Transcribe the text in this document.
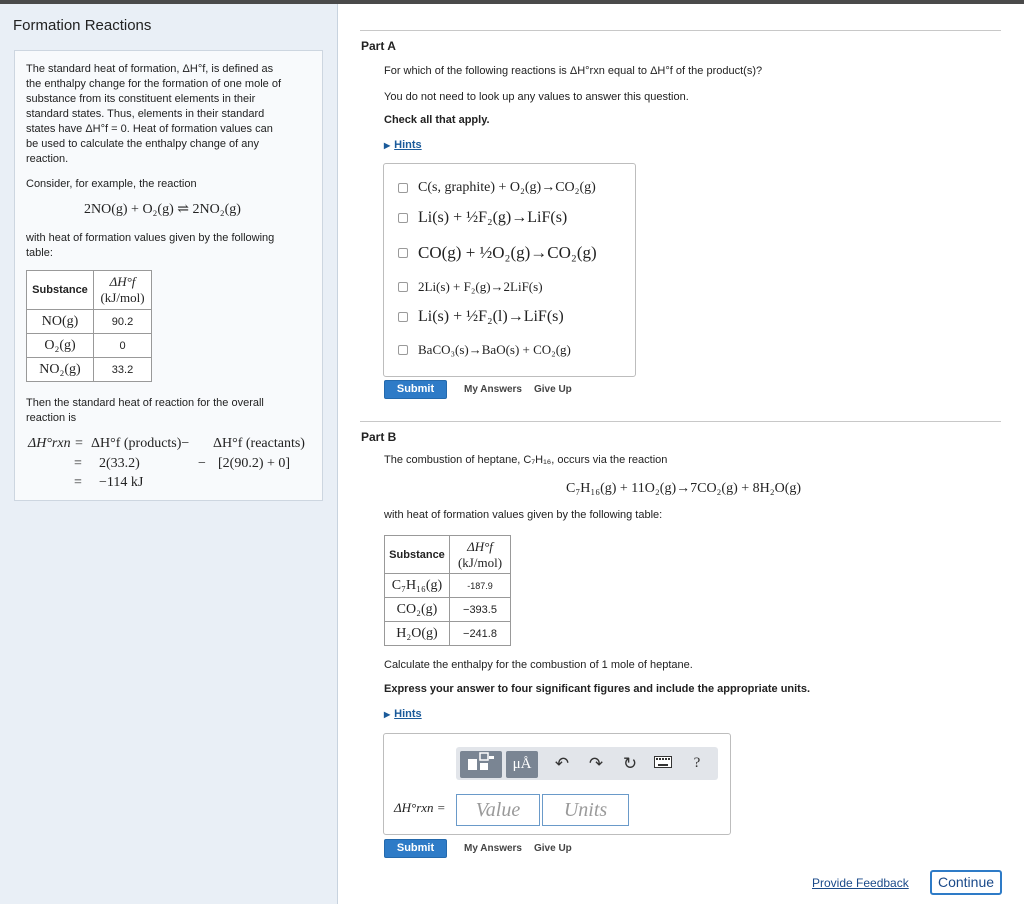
Formation Reactions
The standard heat of formation, ΔH°f, is defined as
the enthalpy change for the formation of one mole of
substance from its constituent elements in their
standard states. Thus, elements in their standard
states have ΔH°f = 0. Heat of formation values can
be used to calculate the enthalpy change of any
reaction.
Consider, for example, the reaction
2NO(g) + O₂(g) ⇌ 2NO₂(g)
with heat of formation values given by the following
table:
Substance	ΔH°f
(kJ/mol)

NO(g)	90.2
O₂(g)	0
NO₂(g)	33.2
Then the standard heat of reaction for the overall
reaction is
ΔH°rxn = ΔH°f (products)− ΔH°f (reactants)
= 2(33.2)	− [2(90.2) + 0]
= −114 kJ
Part A
For which of the following reactions is ΔH°rxn equal to ΔH°f of the product(s)?
You do not need to look up any values to answer this question.
Check all that apply.
▶ Hints
C(s, graphite) + O₂(g)→CO₂(g)
Li(s) + ½F₂(g)→LiF(s)
CO(g) + ½O₂(g)→CO₂(g)
2Li(s) + F₂(g)→2LiF(s)
Li(s) + ½F₂(l)→LiF(s)
BaCO₃(s)→BaO(s) + CO₂(g)
Submit	My Answers Give Up
Part B
The combustion of heptane, C₇H₁₆, occurs via the reaction
C₇H₁₆(g) + 11O₂(g)→7CO₂(g) + 8H₂O(g)
with heat of formation values given by the following table:
Substance	ΔH°f
(kJ/mol)

C₇H₁₆(g)	-187.9
CO₂(g)	−393.5
H₂O(g)	−241.8
Calculate the enthalpy for the combustion of 1 mole of heptane.
Express your answer to four significant figures and include the appropriate units.
▶ Hints
μÅ	↶ ↷ ↻	?
ΔH°rxn =	Value	Units
Submit	My Answers Give Up
Provide Feedback	Continue
